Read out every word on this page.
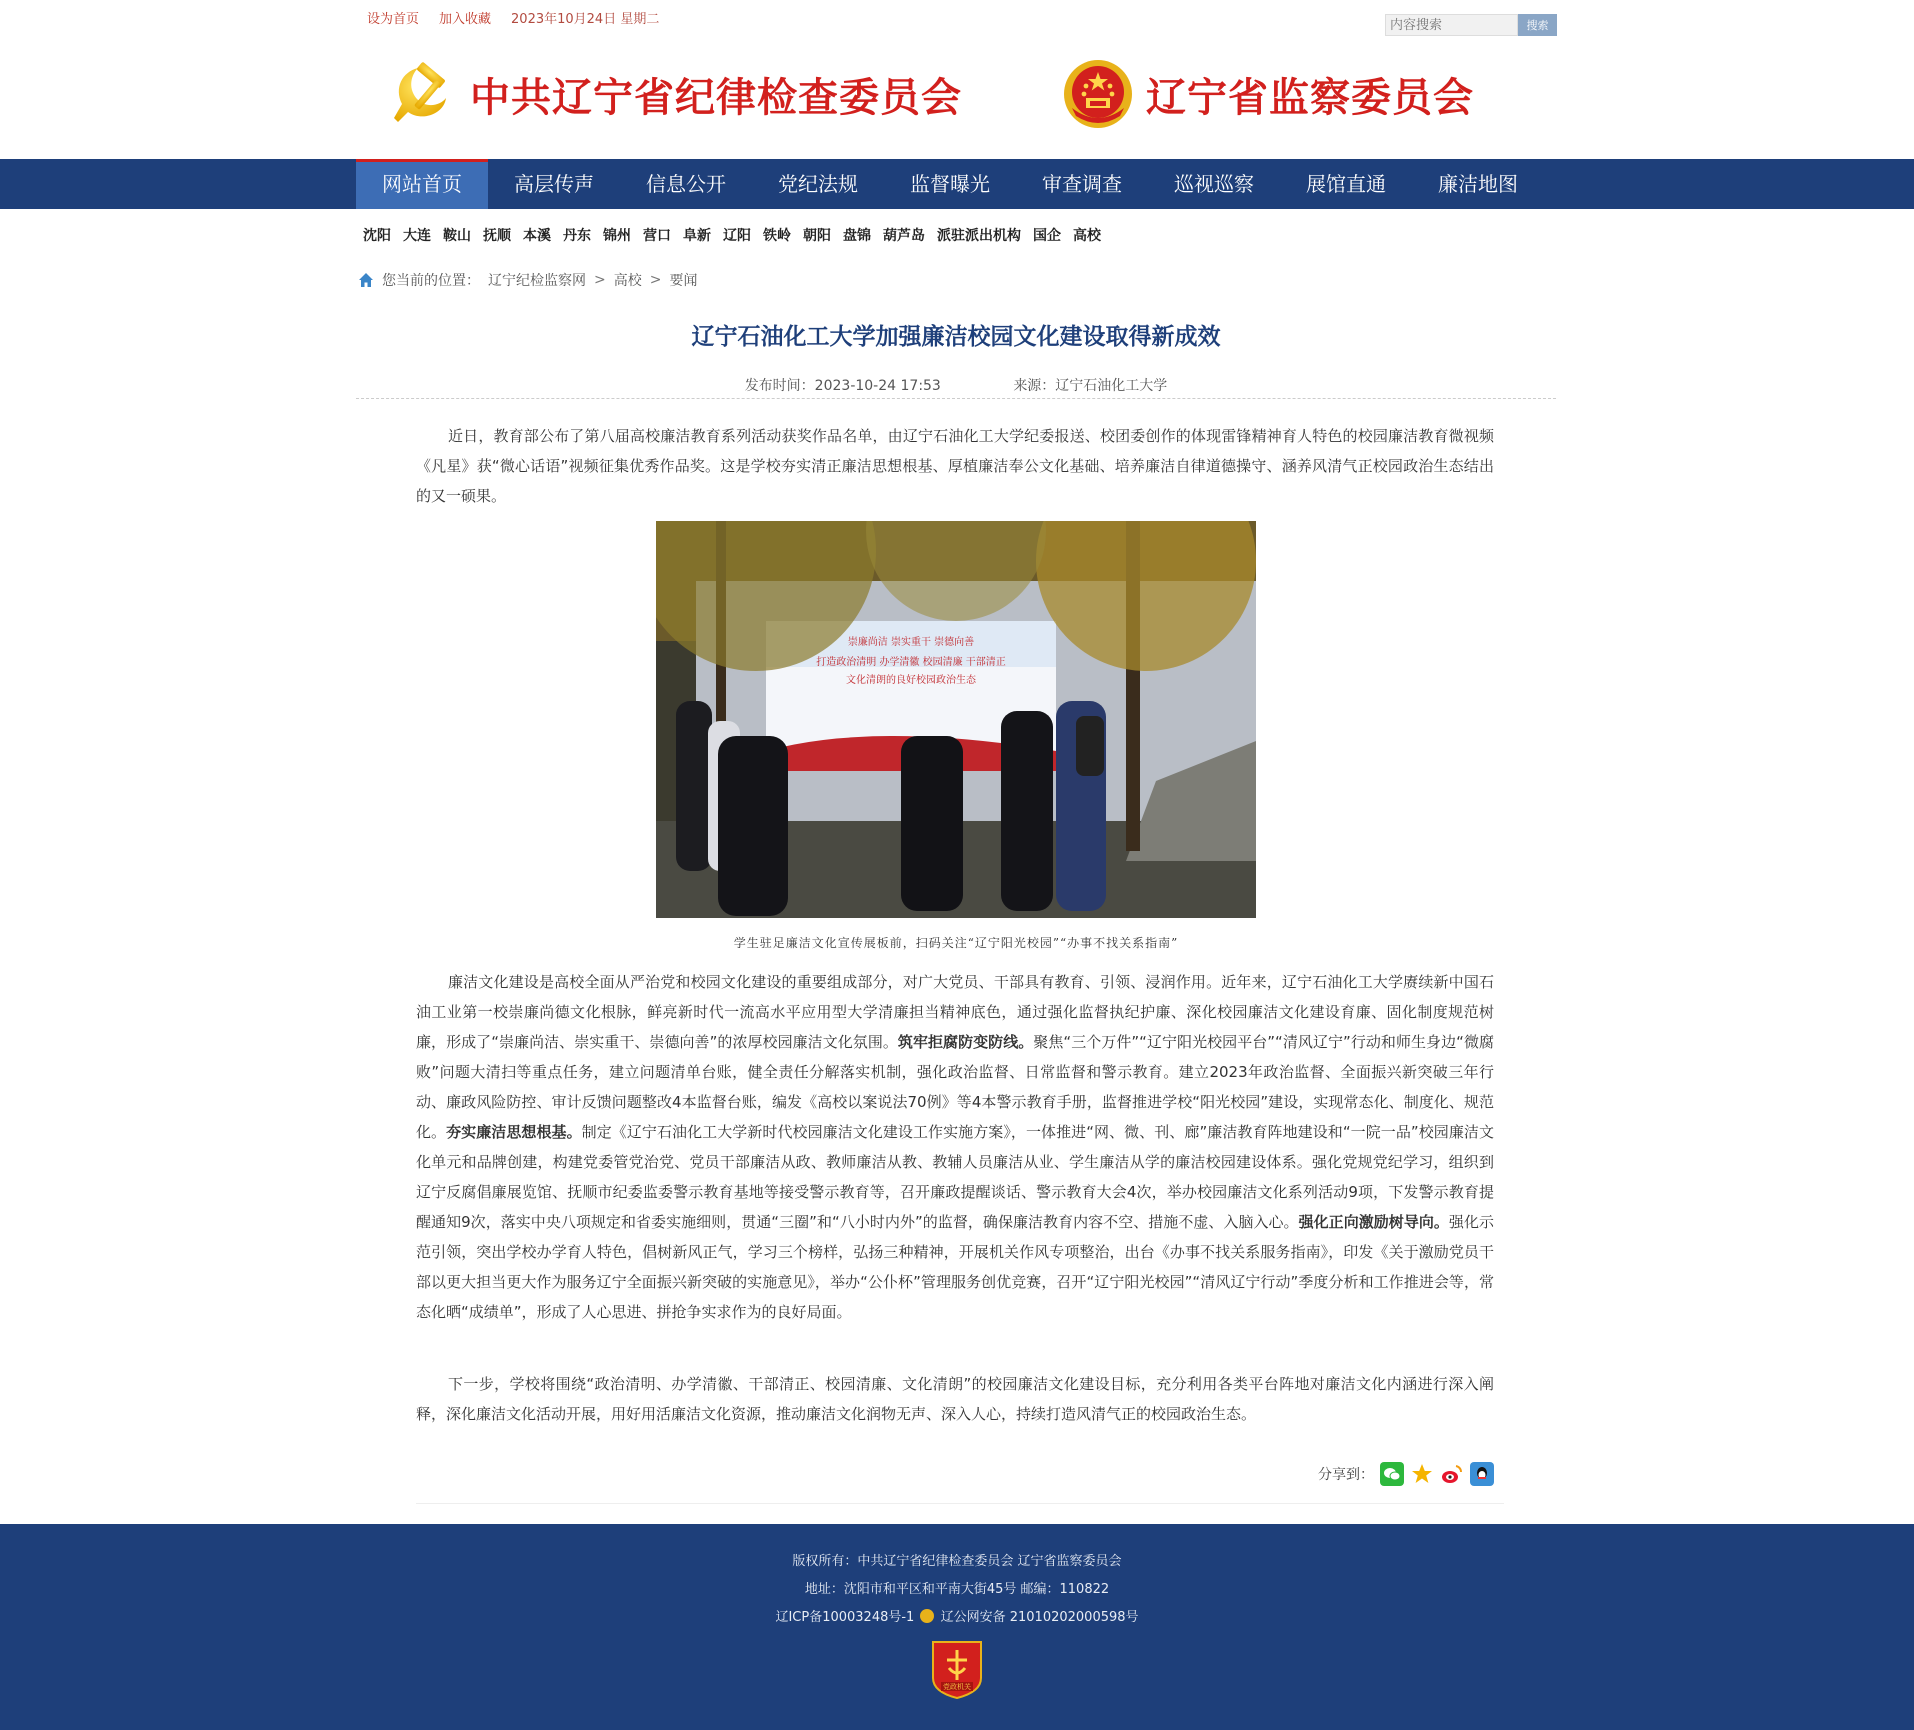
设为首页 加入收藏 2023年10月24日 星期二
内容搜索	搜索
中共辽宁省纪律检查委员会	辽宁省监察委员会
网站首页	高层传声	信息公开	党纪法规	监督曝光	审查调查	巡视巡察	展馆直通	廉洁地图
沈阳 大连 鞍山 抚顺 本溪 丹东 锦州 营口 阜新 辽阳 铁岭 朝阳 盘锦 葫芦岛 派驻派出机构 国企 高校
您当前的位置： 辽宁纪检监察网 > 高校 > 要闻
辽宁石油化工大学加强廉洁校园文化建设取得新成效
发布时间：2023-10-24 17:53	来源：辽宁石油化工大学

近日，教育部公布了第八届高校廉洁教育系列活动获奖作品名单，由辽宁石油化工大学纪委报送、校团委创作的体现雷锋精神育人特色的校园廉洁教育微视频《凡星》获“微心话语”视频征集优秀作品奖。这是学校夯实清正廉洁思想根基、厚植廉洁奉公文化基础、培养廉洁自律道德操守、涵养风清气正校园政治生态结出的又一硕果。

崇廉尚洁 崇实重干 崇德向善
打造政治清明 办学清徽 校园清廉 干部清正
文化清朗的良好校园政治生态
学生驻足廉洁文化宣传展板前，扫码关注“辽宁阳光校园”“办事不找关系指南”

廉洁文化建设是高校全面从严治党和校园文化建设的重要组成部分，对广大党员、干部具有教育、引领、浸润作用。近年来，辽宁石油化工大学赓续新中国石油工业第一校崇廉尚德文化根脉，鲜亮新时代一流高水平应用型大学清廉担当精神底色，通过强化监督执纪护廉、深化校园廉洁文化建设育廉、固化制度规范树廉，形成了“崇廉尚洁、崇实重干、崇德向善”的浓厚校园廉洁文化氛围。筑牢拒腐防变防线。聚焦“三个万件”“辽宁阳光校园平台”“清风辽宁”行动和师生身边“微腐败”问题大清扫等重点任务，建立问题清单台账，健全责任分解落实机制，强化政治监督、日常监督和警示教育。建立2023年政治监督、全面振兴新突破三年行动、廉政风险防控、审计反馈问题整改4本监督台账，编发《高校以案说法70例》等4本警示教育手册，监督推进学校“阳光校园”建设，实现常态化、制度化、规范化。夯实廉洁思想根基。制定《辽宁石油化工大学新时代校园廉洁文化建设工作实施方案》，一体推进“网、微、刊、廊”廉洁教育阵地建设和“一院一品”校园廉洁文化单元和品牌创建，构建党委管党治党、党员干部廉洁从政、教师廉洁从教、教辅人员廉洁从业、学生廉洁从学的廉洁校园建设体系。强化党规党纪学习，组织到辽宁反腐倡廉展览馆、抚顺市纪委监委警示教育基地等接受警示教育等，召开廉政提醒谈话、警示教育大会4次，举办校园廉洁文化系列活动9项，下发警示教育提醒通知9次，落实中央八项规定和省委实施细则，贯通“三圈”和“八小时内外”的监督，确保廉洁教育内容不空、措施不虚、入脑入心。强化正向激励树导向。强化示范引领，突出学校办学育人特色，倡树新风正气，学习三个榜样，弘扬三种精神，开展机关作风专项整治，出台《办事不找关系服务指南》，印发《关于激励党员干部以更大担当更大作为服务辽宁全面振兴新突破的实施意见》，举办“公仆杯”管理服务创优竞赛，召开“辽宁阳光校园”“清风辽宁行动”季度分析和工作推进会等，常态化晒“成绩单”，形成了人心思进、拼抢争实求作为的良好局面。

下一步，学校将围绕“政治清明、办学清徽、干部清正、校园清廉、文化清朗”的校园廉洁文化建设目标，充分利用各类平台阵地对廉洁文化内涵进行深入阐释，深化廉洁文化活动开展，用好用活廉洁文化资源，推动廉洁文化润物无声、深入人心，持续打造风清气正的校园政治生态。

分享到：
版权所有：中共辽宁省纪律检查委员会 辽宁省监察委员会
地址：沈阳市和平区和平南大街45号 邮编：110822
辽ICP备10003248号-1 辽公网安备 21010202000598号
党政机关
